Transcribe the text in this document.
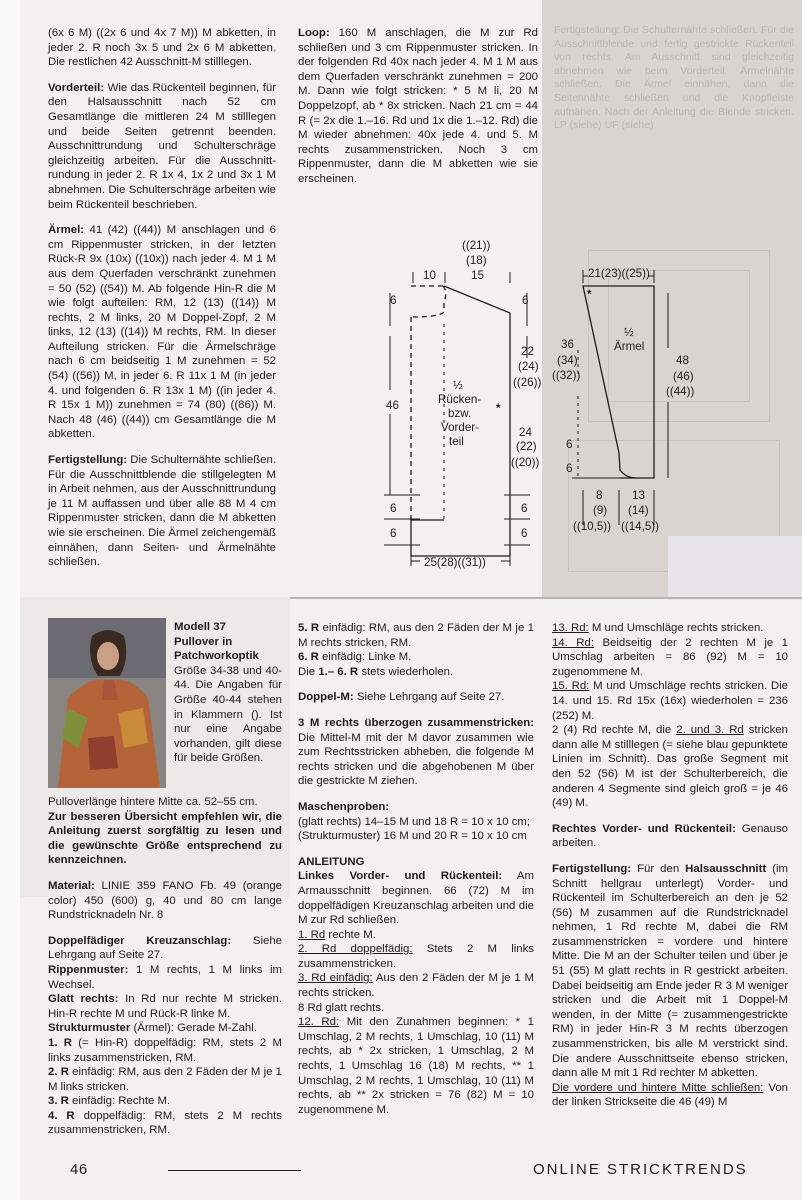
Fertigstellung: Die Schulternähte schließen. Für die Ausschnittblende und fertig gestrickte Rückenteil von rechts. Am Ausschnitt sind gleichzeitig abnehmen wie beim Vorderteil. Ärmelnähte schließen. Die Ärmel einnähen, dann die Seitennähte schließen und die Knopfleiste aufnähen. Nach der Anleitung die Blende stricken. LP (siehe) UF (siehe)

(6x 6 M) ((2x 6 und 4x 7 M)) M abketten, in jeder 2. R noch 3x 5 und 2x 6 M abketten. Die restlichen 42 Ausschnitt-M stilllegen.

Vorderteil: Wie das Rückenteil beginnen, für den Halsausschnitt nach 52 cm Gesamtlänge die mittleren 24 M stilllegen und beide Seiten getrennt beenden. Ausschnittrundung und Schulterschräge gleichzeitig arbeiten. Für die Ausschnittrundung in jeder 2. R 1x 4, 1x 2 und 3x 1 M abnehmen. Die Schulterschräge arbeiten wie beim Rückenteil beschrieben.

Ärmel: 41 (42) ((44)) M anschlagen und 6 cm Rippenmuster stricken, in der letzten Rück-R 9x (10x) ((10x)) nach jeder 4. M 1 M aus dem Querfaden verschränkt zunehmen = 50 (52) ((54)) M. Ab folgende Hin-R die M wie folgt aufteilen: RM, 12 (13) ((14)) M rechts, 2 M links, 20 M Doppel-Zopf, 2 M links, 12 (13) ((14)) M rechts, RM. In dieser Aufteilung stricken. Für die Ärmelschräge nach 6 cm beidseitig 1 M zunehmen = 52 (54) ((56)) M, in jeder 6. R 11x 1 M (in jeder 4. und folgenden 6. R 13x 1 M) ((in jeder 4. R 15x 1 M)) zunehmen = 74 (80) ((86)) M. Nach 48 (46) ((44)) cm Gesamtlänge die M abketten.

Fertigstellung: Die Schulternähte schließen. Für die Ausschnittblende die stillgelegten M in Arbeit nehmen, aus der Ausschnittrundung je 11 M auffassen und über alle 88 M 4 cm Rippenmuster stricken, dann die M abketten wie sie erscheinen. Die Ärmel zeichengemäß einnähen, dann Seiten- und Ärmelnähte schließen.

Loop: 160 M anschlagen, die M zur Rd schließen und 3 cm Rippenmuster stricken. In der folgenden Rd 40x nach jeder 4. M 1 M aus dem Querfaden verschränkt zunehmen = 200 M. Dann wie folgt stricken: * 5 M li, 20 M Doppelzopf, ab * 8x stricken. Nach 21 cm = 44 R (= 2x die 1.–16. Rd und 1x die 1.–12. Rd) die M wieder abnehmen: 40x jede 4. und 5. M rechts zusammenstricken. Noch 3 cm Rippenmuster, dann die M abketten wie sie erscheinen.

10	15
(18)
((21))
6	6
46
22
(24)
((26))
24
(22)
((20))
6	6
6	6
½
Rücken-
bzw.
Vorder-
teil
*
25(28)((31))
21(23)((25))
*
½
Ärmel
36
(34)
((32))
48
(46)
((44))
6
6
8
(9)
((10,5))
13
(14)
((14,5))
Modell 37
Pullover in
Patchworkoptik
Größe 34-38 und 40-44. Die Angaben für Größe 40-44 stehen in Klammern (). Ist nur eine Angabe vorhanden, gilt diese für beide Größen.

Pulloverlänge hintere Mitte ca. 52–55 cm.

Zur besseren Übersicht empfehlen wir, die Anleitung zuerst sorgfältig zu lesen und die gewünschte Größe entsprechend zu kennzeichnen.

Material: LINIE 359 FANO Fb. 49 (orange color) 450 (600) g, 40 und 80 cm lange Rundstricknadeln Nr. 8

Doppelfädiger Kreuzanschlag: Siehe Lehrgang auf Seite 27.

Rippenmuster: 1 M rechts, 1 M links im Wechsel.

Glatt rechts: In Rd nur rechte M stricken. Hin-R rechte M und Rück-R linke M.

Strukturmuster (Ärmel): Gerade M-Zahl.

1. R (= Hin-R) doppelfädig: RM, stets 2 M links zusammenstricken, RM.

2. R einfädig: RM, aus den 2 Fäden der M je 1 M links stricken.

3. R einfädig: Rechte M.

4. R doppelfädig: RM, stets 2 M rechts zusammenstricken, RM.

5. R einfädig: RM, aus den 2 Fäden der M je 1 M rechts stricken, RM.

6. R einfädig: Linke M.

Die 1.– 6. R stets wiederholen.

Doppel-M: Siehe Lehrgang auf Seite 27.

3 M rechts überzogen zusammenstricken: Die Mittel-M mit der M davor zusammen wie zum Rechtsstricken abheben, die folgende M rechts stricken und die abgehobenen M über die gestrickte M ziehen.

Maschenproben:

(glatt rechts) 14–15 M und 18 R = 10 x 10 cm;

(Strukturmuster) 16 M und 20 R = 10 x 10 cm

ANLEITUNG

Linkes Vorder- und Rückenteil: Am Armausschnitt beginnen. 66 (72) M im doppelfädigen Kreuzanschlag arbeiten und die M zur Rd schließen.

1. Rd rechte M.

2. Rd doppelfädig: Stets 2 M links zusammenstricken.

3. Rd einfädig: Aus den 2 Fäden der M je 1 M rechts stricken.

8 Rd glatt rechts.

12. Rd: Mit den Zunahmen beginnen: * 1 Umschlag, 2 M rechts, 1 Umschlag, 10 (11) M rechts, ab * 2x stricken, 1 Umschlag, 2 M rechts, 1 Umschlag 16 (18) M rechts, ** 1 Umschlag, 2 M rechts, 1 Umschlag, 10 (11) M rechts, ab ** 2x stricken = 76 (82) M = 10 zugenommene M.

13. Rd: M und Umschläge rechts stricken.

14. Rd: Beidseitig der 2 rechten M je 1 Umschlag arbeiten = 86 (92) M = 10 zugenommene M.

15. Rd: M und Umschläge rechts stricken. Die 14. und 15. Rd 15x (16x) wiederholen = 236 (252) M.

2 (4) Rd rechte M, die 2. und 3. Rd stricken dann alle M stilllegen (= siehe blau gepunktete Linien im Schnitt). Das große Segment mit den 52 (56) M ist der Schulterbereich, die anderen 4 Segmente sind gleich groß = je 46 (49) M.

Rechtes Vorder- und Rückenteil: Genauso arbeiten.

Fertigstellung: Für den Halsausschnitt (im Schnitt hellgrau unterlegt) Vorder- und Rückenteil im Schulterbereich an den je 52 (56) M zusammen auf die Rundstricknadel nehmen, 1 Rd rechte M, dabei die RM zusammenstricken = vordere und hintere Mitte. Die M an der Schulter teilen und über je 51 (55) M glatt rechts in R gestrickt arbeiten. Dabei beidseitig am Ende jeder R 3 M weniger stricken und die Arbeit mit 1 Doppel-M wenden, in der Mitte (= zusammengestrickte RM) in jeder Hin-R 3 M rechts überzogen zusammenstricken, bis alle M verstrickt sind. Die andere Ausschnittseite ebenso stricken, dann alle M mit 1 Rd rechter M abketten.

Die vordere und hintere Mitte schließen: Von der linken Strickseite die 46 (49) M

46	ONLINE STRICKTRENDS
